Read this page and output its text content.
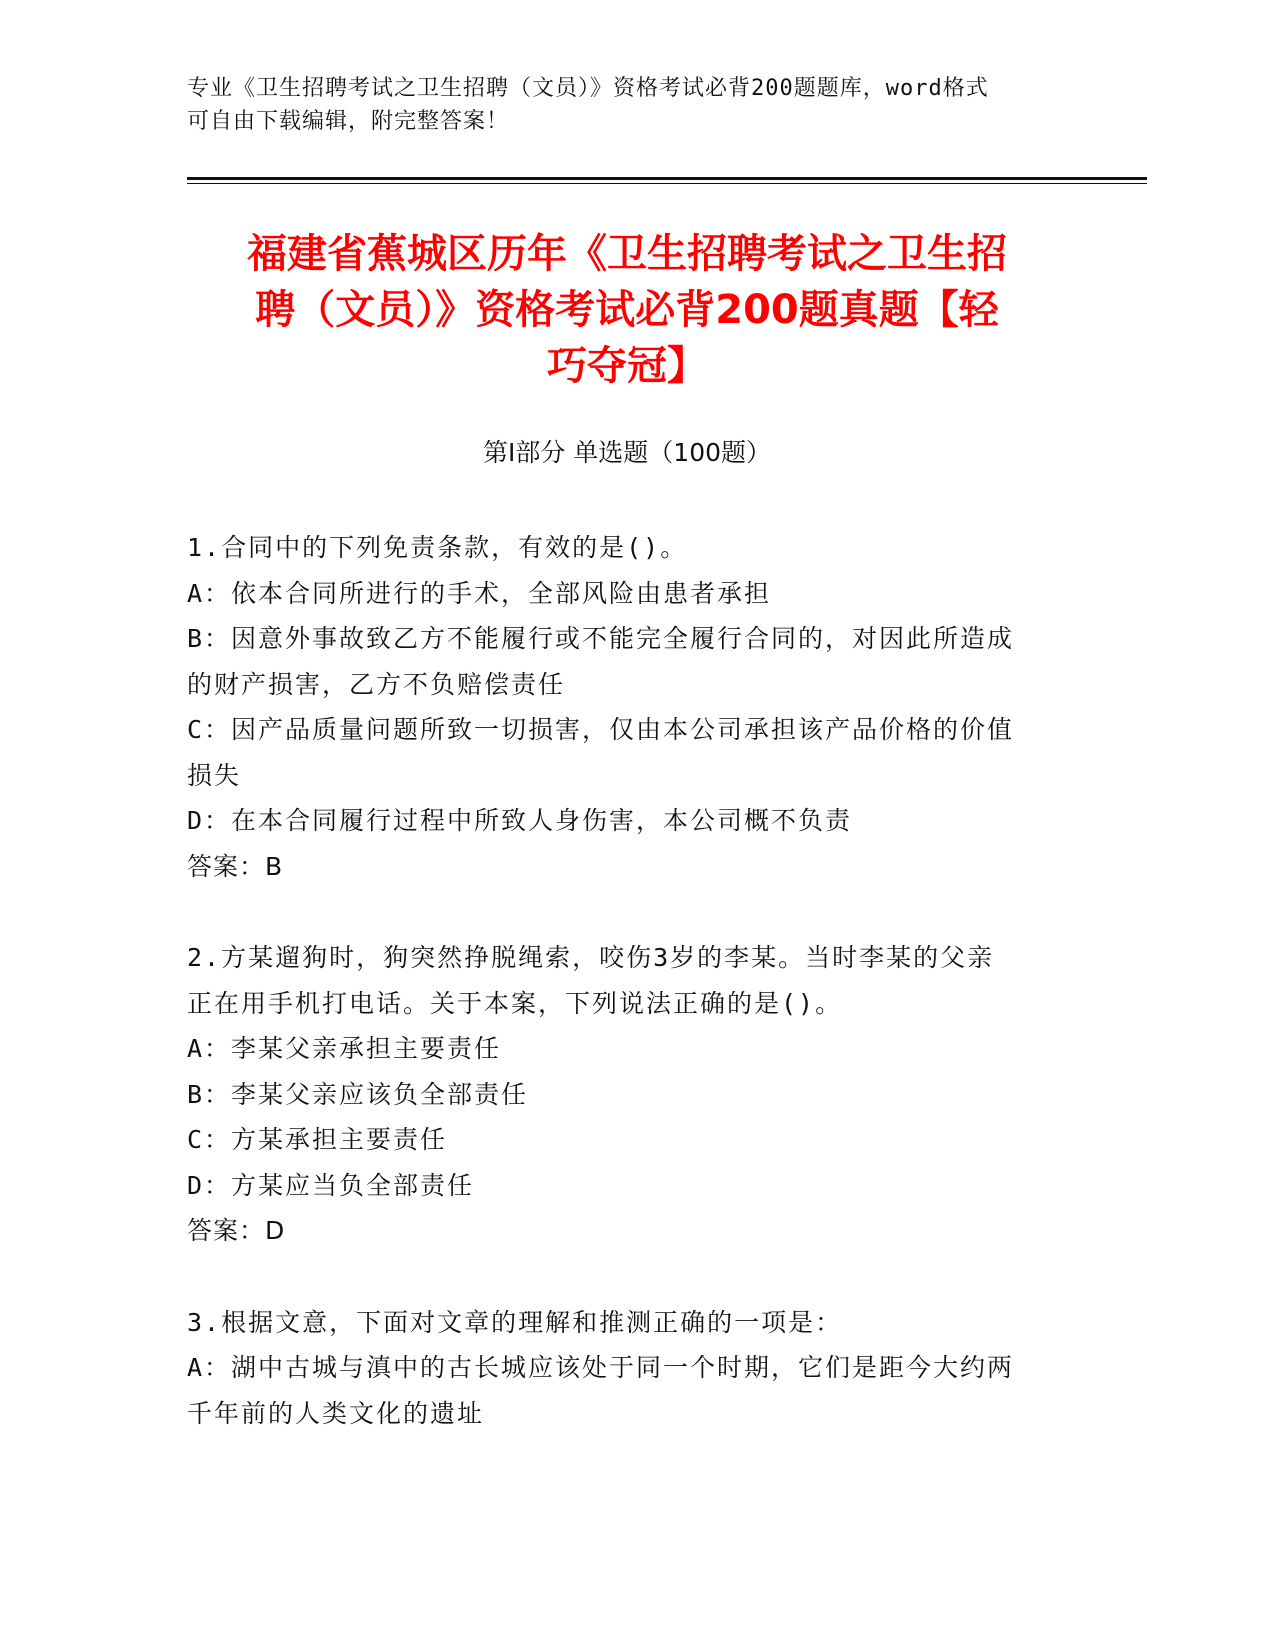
专业《卫生招聘考试之卫生招聘（文员）》资格考试必背200题题库，word格式
可自由下载编辑，附完整答案！
福建省蕉城区历年《卫生招聘考试之卫生招
聘（文员）》资格考试必背200题真题【轻
巧夺冠】
第Ⅰ部分 单选题（100题）
1.合同中的下列免责条款，有效的是()。
A：依本合同所进行的手术，全部风险由患者承担
B：因意外事故致乙方不能履行或不能完全履行合同的，对因此所造成
的财产损害，乙方不负赔偿责任
C：因产品质量问题所致一切损害，仅由本公司承担该产品价格的价值
损失
D：在本合同履行过程中所致人身伤害，本公司概不负责
答案：B
2.方某遛狗时，狗突然挣脱绳索，咬伤3岁的李某。当时李某的父亲
正在用手机打电话。关于本案，下列说法正确的是()。
A：李某父亲承担主要责任
B：李某父亲应该负全部责任
C：方某承担主要责任
D：方某应当负全部责任
答案：D
3.根据文意，下面对文章的理解和推测正确的一项是：
A：湖中古城与滇中的古长城应该处于同一个时期，它们是距今大约两
千年前的人类文化的遗址
